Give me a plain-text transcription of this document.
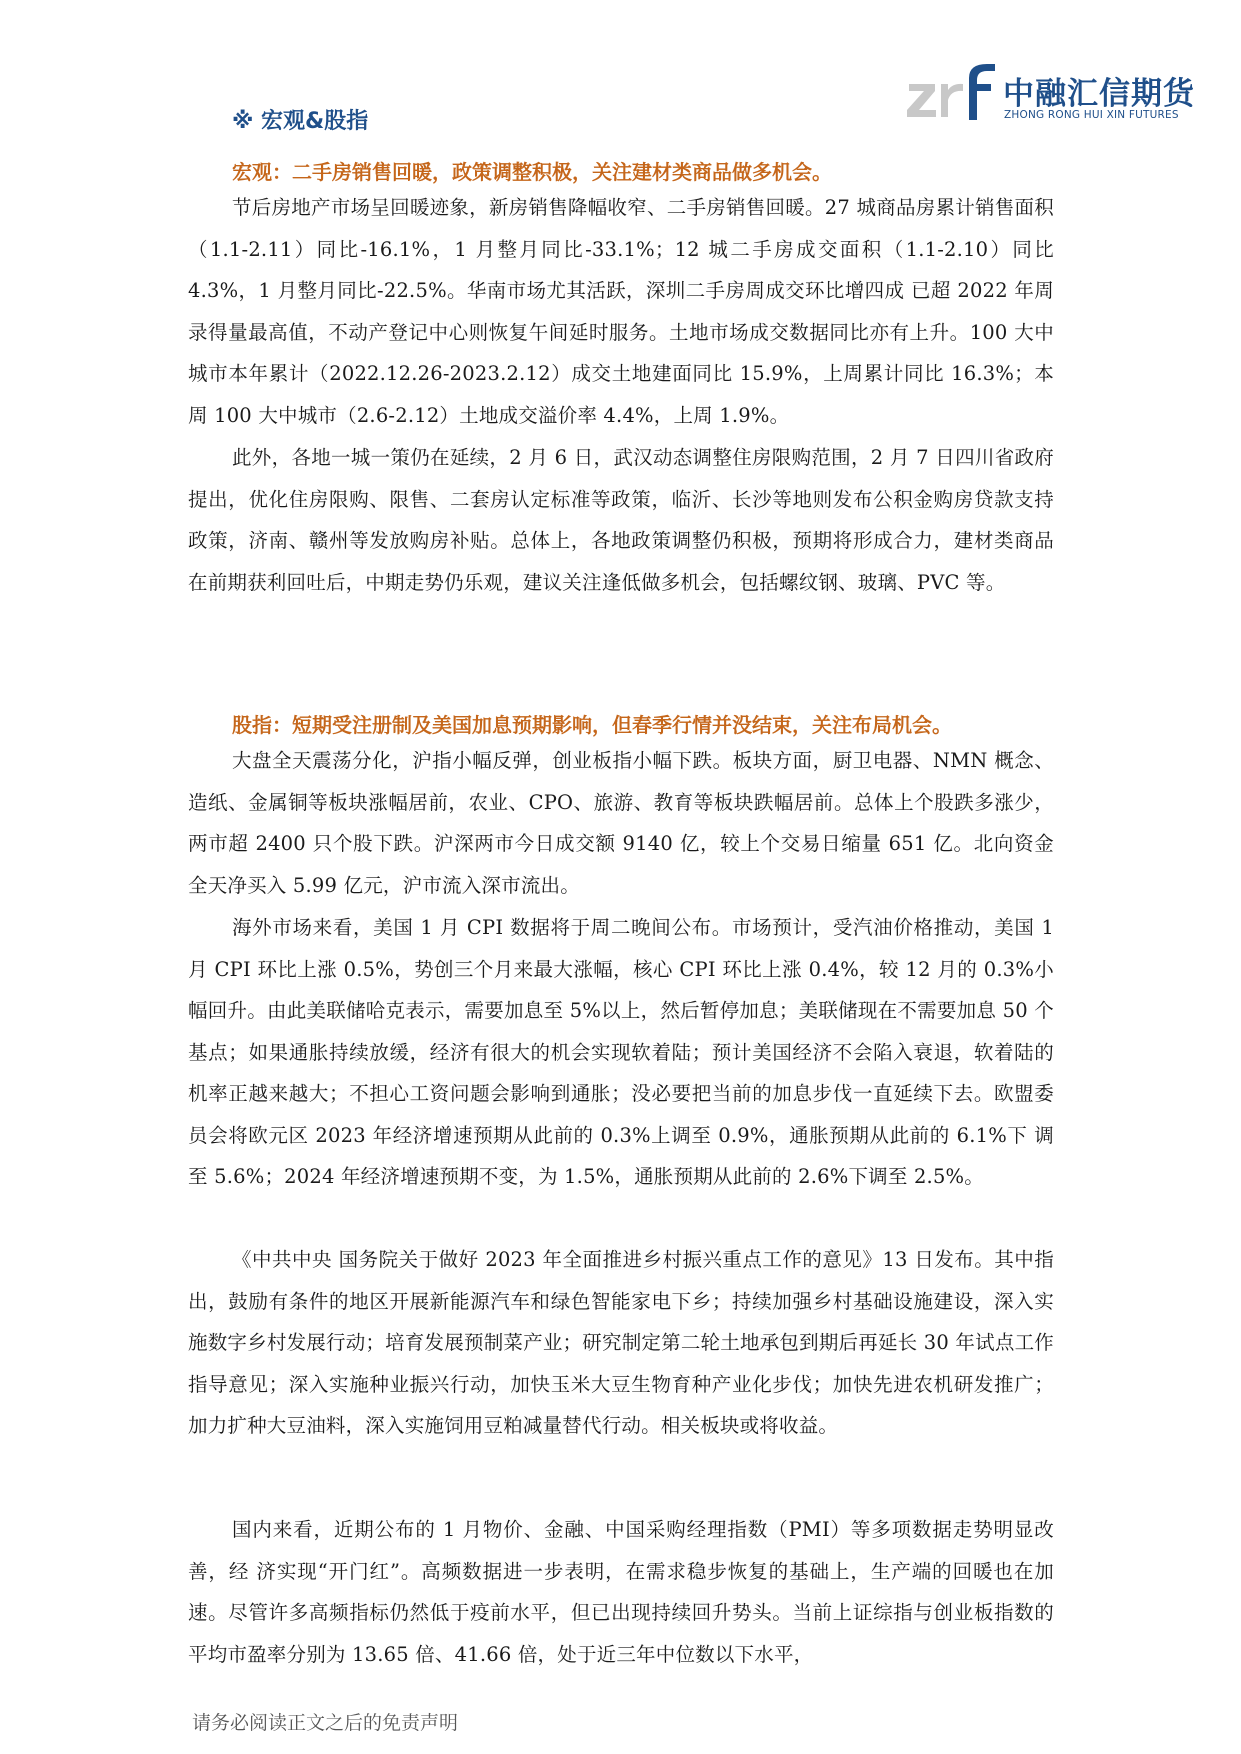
中融汇信期货
ZHONG RONG HUI XIN FUTURES
※ 宏观&股指
宏观：二手房销售回暖，政策调整积极，关注建材类商品做多机会。

节后房地产市场呈回暖迹象，新房销售降幅收窄、二手房销售回暖。27 城商品房累计销售面积（1.1-2.11）同比-16.1%，1 月整月同比-33.1%；12 城二手房成交面积（1.1-2.10）同比 4.3%，1 月整月同比-22.5%。华南市场尤其活跃，深圳二手房周成交环比增四成 已超 2022 年周录得量最高值，不动产登记中心则恢复午间延时服务。土地市场成交数据同比亦有上升。100 大中城市本年累计（2022.12.26-2023.2.12）成交土地建面同比 15.9%，上周累计同比 16.3%；本周 100 大中城市（2.6-2.12）土地成交溢价率 4.4%，上周 1.9%。

此外，各地一城一策仍在延续，2 月 6 日，武汉动态调整住房限购范围，2 月 7 日四川省政府提出，优化住房限购、限售、二套房认定标准等政策，临沂、长沙等地则发布公积金购房贷款支持政策，济南、赣州等发放购房补贴。总体上，各地政策调整仍积极，预期将形成合力，建材类商品在前期获利回吐后，中期走势仍乐观，建议关注逢低做多机会，包括螺纹钢、玻璃、PVC 等。

股指：短期受注册制及美国加息预期影响，但春季行情并没结束，关注布局机会。

大盘全天震荡分化，沪指小幅反弹，创业板指小幅下跌。板块方面，厨卫电器、NMN 概念、造纸、金属铜等板块涨幅居前，农业、CPO、旅游、教育等板块跌幅居前。总体上个股跌多涨少，两市超 2400 只个股下跌。沪深两市今日成交额 9140 亿，较上个交易日缩量 651 亿。北向资金全天净买入 5.99 亿元，沪市流入深市流出。

海外市场来看，美国 1 月 CPI 数据将于周二晚间公布。市场预计，受汽油价格推动，美国 1 月 CPI 环比上涨 0.5%，势创三个月来最大涨幅，核心 CPI 环比上涨 0.4%，较 12 月的 0.3%小幅回升。由此美联储哈克表示，需要加息至 5%以上，然后暂停加息；美联储现在不需要加息 50 个基点；如果通胀持续放缓，经济有很大的机会实现软着陆；预计美国经济不会陷入衰退，软着陆的机率正越来越大；不担心工资问题会影响到通胀；没必要把当前的加息步伐一直延续下去。欧盟委员会将欧元区 2023 年经济增速预期从此前的 0.3%上调至 0.9%，通胀预期从此前的 6.1%下 调至 5.6%；2024 年经济增速预期不变，为 1.5%，通胀预期从此前的 2.6%下调至 2.5%。

《中共中央 国务院关于做好 2023 年全面推进乡村振兴重点工作的意见》13 日发布。其中指出，鼓励有条件的地区开展新能源汽车和绿色智能家电下乡；持续加强乡村基础设施建设，深入实施数字乡村发展行动；培育发展预制菜产业；研究制定第二轮土地承包到期后再延长 30 年试点工作指导意见；深入实施种业振兴行动，加快玉米大豆生物育种产业化步伐；加快先进农机研发推广；加力扩种大豆油料，深入实施饲用豆粕减量替代行动。相关板块或将收益。

国内来看，近期公布的 1 月物价、金融、中国采购经理指数（PMI）等多项数据走势明显改善，经 济实现“开门红”。高频数据进一步表明，在需求稳步恢复的基础上，生产端的回暖也在加速。尽管许多高频指标仍然低于疫前水平，但已出现持续回升势头。当前上证综指与创业板指数的平均市盈率分别为 13.65 倍、41.66 倍，处于近三年中位数以下水平，

请务必阅读正文之后的免责声明
